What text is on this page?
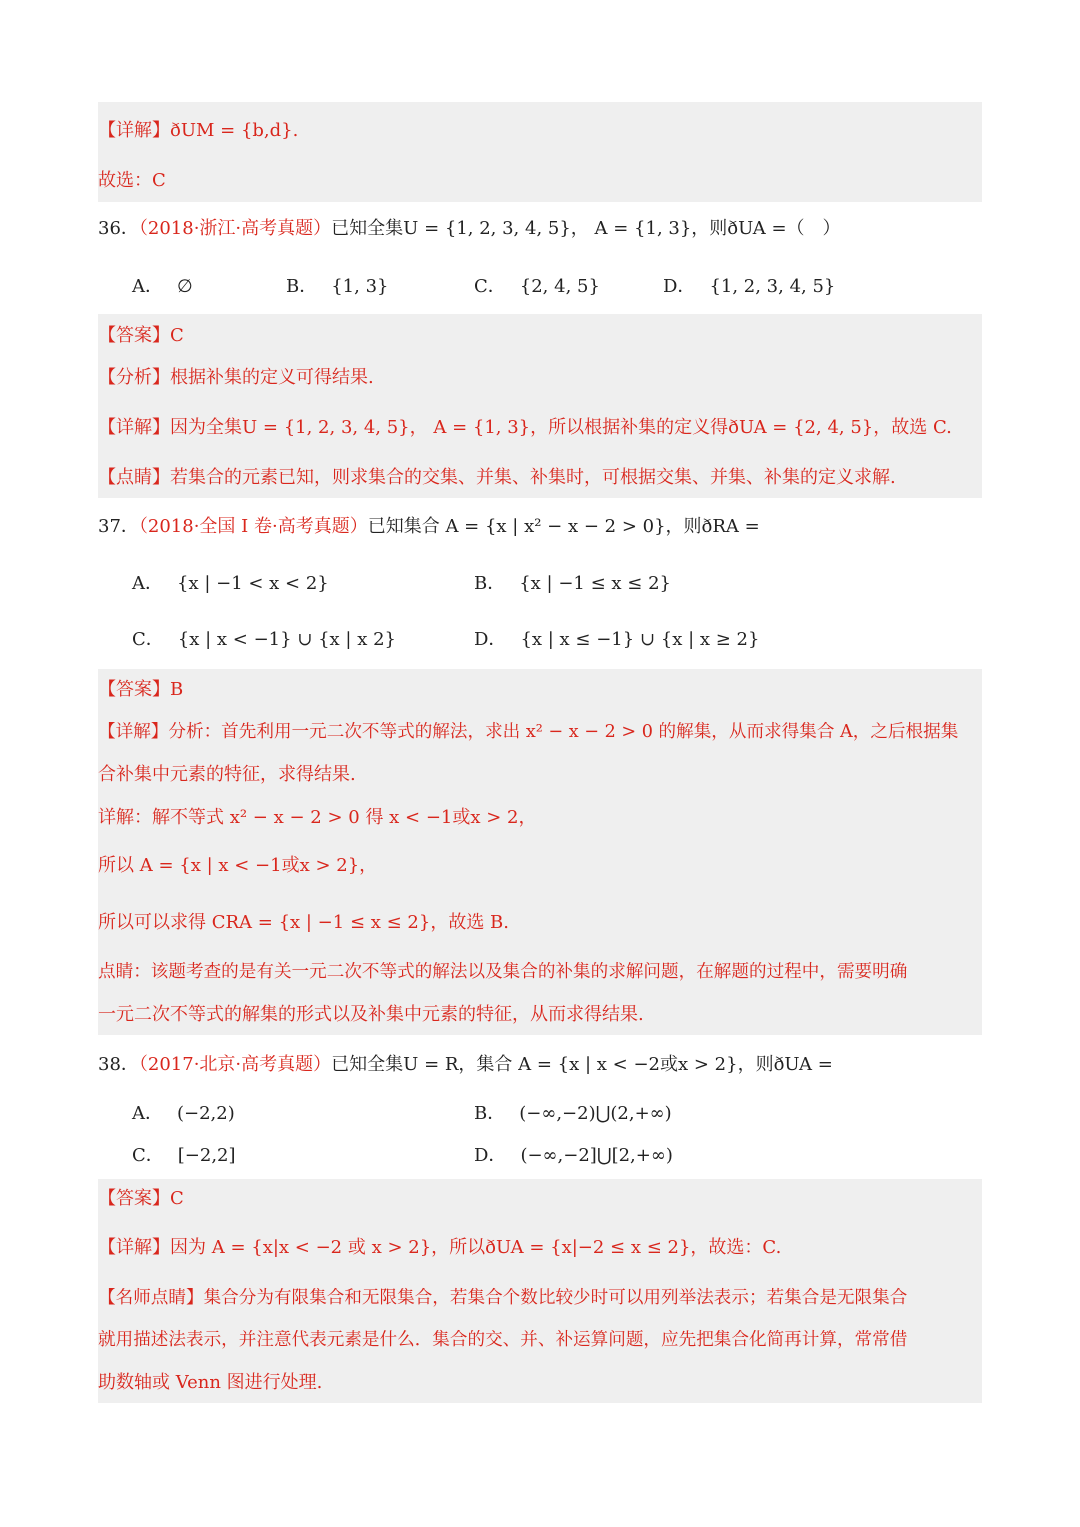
【详解】ðUM = {b,d}.
故选：C
36．（2018·浙江·高考真题）已知全集U = {1, 2, 3, 4, 5}， A = {1, 3}，则ðUA =（　）
A． ∅	B． {1, 3}	C． {2, 4, 5}	D． {1, 2, 3, 4, 5}
【答案】C
【分析】根据补集的定义可得结果.
【详解】因为全集U = {1, 2, 3, 4, 5}， A = {1, 3}，所以根据补集的定义得ðUA = {2, 4, 5}，故选 C.
【点睛】若集合的元素已知，则求集合的交集、并集、补集时，可根据交集、并集、补集的定义求解.
37．（2018·全国 I 卷·高考真题）已知集合 A = {x | x² − x − 2 > 0}，则ðRA =
A． {x | −1 < x < 2}	B． {x | −1 ≤ x ≤ 2}
C． {x | x < −1} ∪ {x | x 2}	D． {x | x ≤ −1} ∪ {x | x ≥ 2}
【答案】B
【详解】分析：首先利用一元二次不等式的解法，求出 x² − x − 2 > 0 的解集，从而求得集合 A，之后根据集
合补集中元素的特征，求得结果.
详解：解不等式 x² − x − 2 > 0 得 x < −1或x > 2，
所以 A = {x | x < −1或x > 2}，
所以可以求得 CRA = {x | −1 ≤ x ≤ 2}，故选 B.
点睛：该题考查的是有关一元二次不等式的解法以及集合的补集的求解问题，在解题的过程中，需要明确
一元二次不等式的解集的形式以及补集中元素的特征，从而求得结果.
38．（2017·北京·高考真题）已知全集U = R，集合 A = {x | x < −2或x > 2}，则ðUA =
A． (−2,2)	B． (−∞,−2)⋃(2,+∞)
C． [−2,2]	D． (−∞,−2]⋃[2,+∞)
【答案】C
【详解】因为 A = {x|x < −2 或 x > 2}，所以ðUA = {x|−2 ≤ x ≤ 2}，故选：C.
【名师点睛】集合分为有限集合和无限集合，若集合个数比较少时可以用列举法表示；若集合是无限集合
就用描述法表示，并注意代表元素是什么．集合的交、并、补运算问题，应先把集合化简再计算，常常借
助数轴或 Venn 图进行处理.
